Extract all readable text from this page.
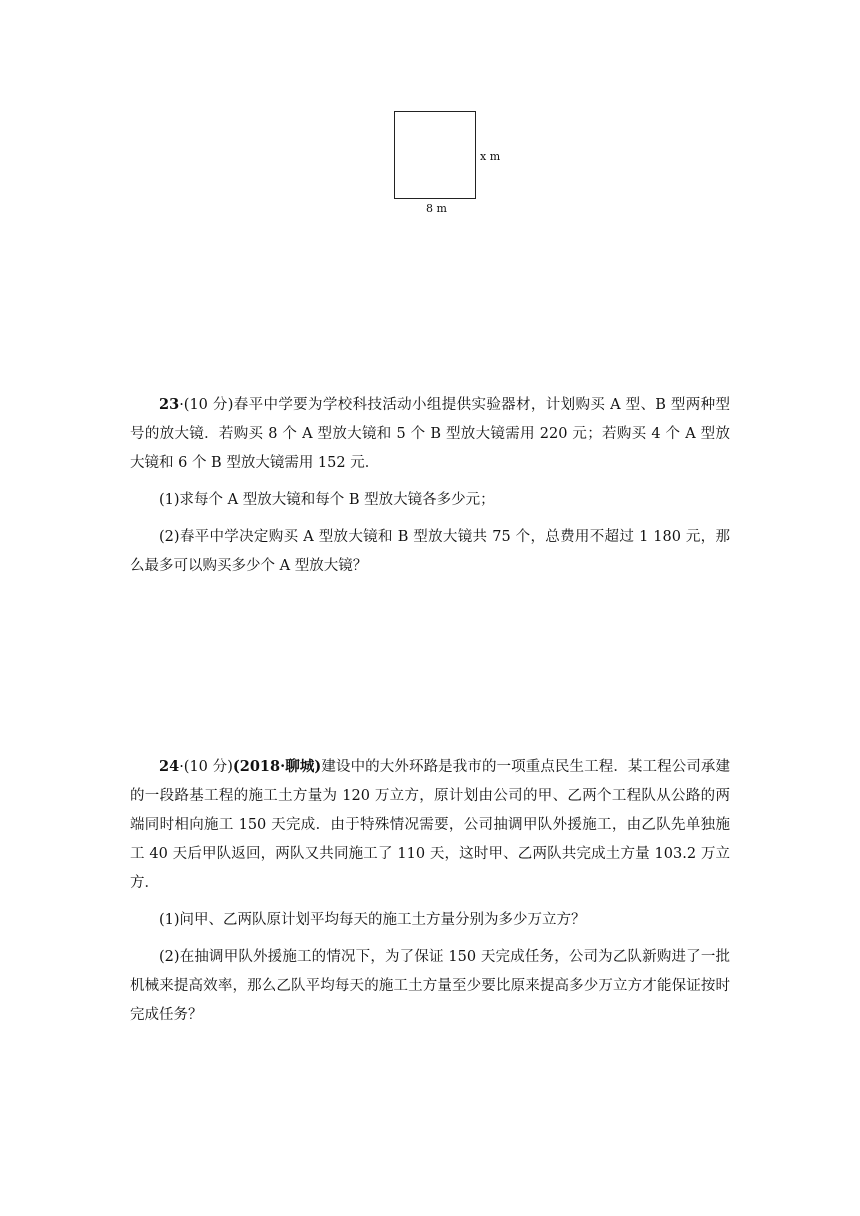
x m
8 m

23·(10 分)春平中学要为学校科技活动小组提供实验器材，计划购买 A 型、B 型两种型号的放大镜．若购买 8 个 A 型放大镜和 5 个 B 型放大镜需用 220 元；若购买 4 个 A 型放大镜和 6 个 B 型放大镜需用 152 元．

(1)求每个 A 型放大镜和每个 B 型放大镜各多少元；

(2)春平中学决定购买 A 型放大镜和 B 型放大镜共 75 个，总费用不超过 1 180 元，那么最多可以购买多少个 A 型放大镜？

24·(10 分)(2018·聊城)建设中的大外环路是我市的一项重点民生工程．某工程公司承建的一段路基工程的施工土方量为 120 万立方，原计划由公司的甲、乙两个工程队从公路的两端同时相向施工 150 天完成．由于特殊情况需要，公司抽调甲队外援施工，由乙队先单独施工 40 天后甲队返回，两队又共同施工了 110 天，这时甲、乙两队共完成土方量 103.2 万立方．

(1)问甲、乙两队原计划平均每天的施工土方量分别为多少万立方？

(2)在抽调甲队外援施工的情况下，为了保证 150 天完成任务，公司为乙队新购进了一批机械来提高效率，那么乙队平均每天的施工土方量至少要比原来提高多少万立方才能保证按时完成任务？
